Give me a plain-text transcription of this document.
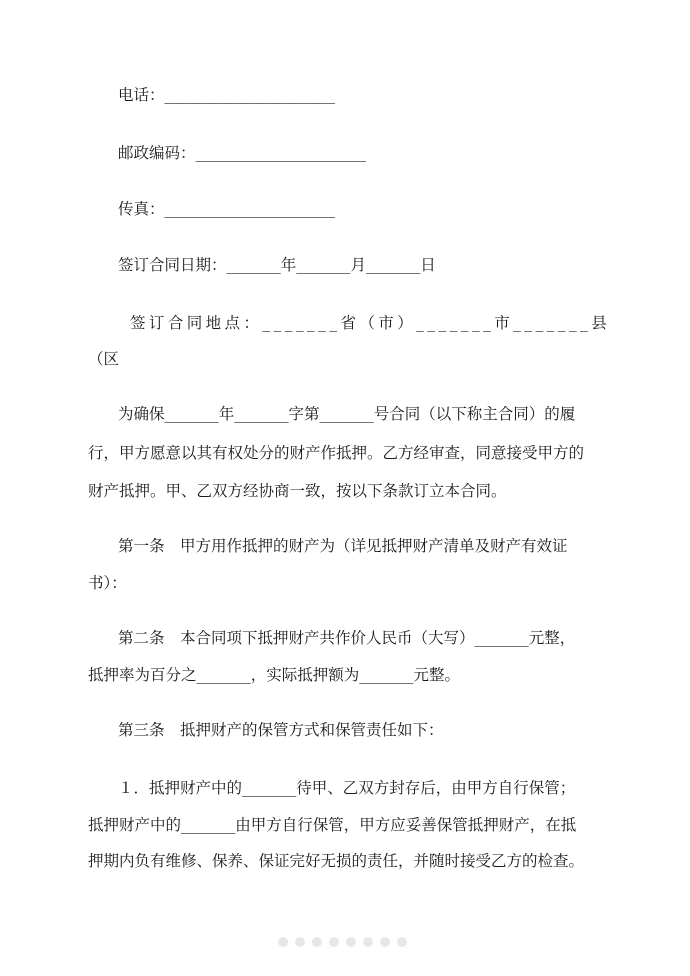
电话：______________________
邮政编码：______________________
传真：______________________
签订合同日期：_______年_______月_______日
签订合同地点：_______省（市）_______市_______县
（区
为确保_______年_______字第_______号合同（以下称主合同）的履
行，甲方愿意以其有权处分的财产作抵押。乙方经审查，同意接受甲方的
财产抵押。甲、乙双方经协商一致，按以下条款订立本合同。
第一条　甲方用作抵押的财产为（详见抵押财产清单及财产有效证
书）：
第二条　本合同项下抵押财产共作价人民币（大写）_______元整，
抵押率为百分之_______，实际抵押额为_______元整。
第三条　抵押财产的保管方式和保管责任如下：
１．抵押财产中的_______待甲、乙双方封存后，由甲方自行保管；
抵押财产中的_______由甲方自行保管，甲方应妥善保管抵押财产，在抵
押期内负有维修、保养、保证完好无损的责任，并随时接受乙方的检查。
